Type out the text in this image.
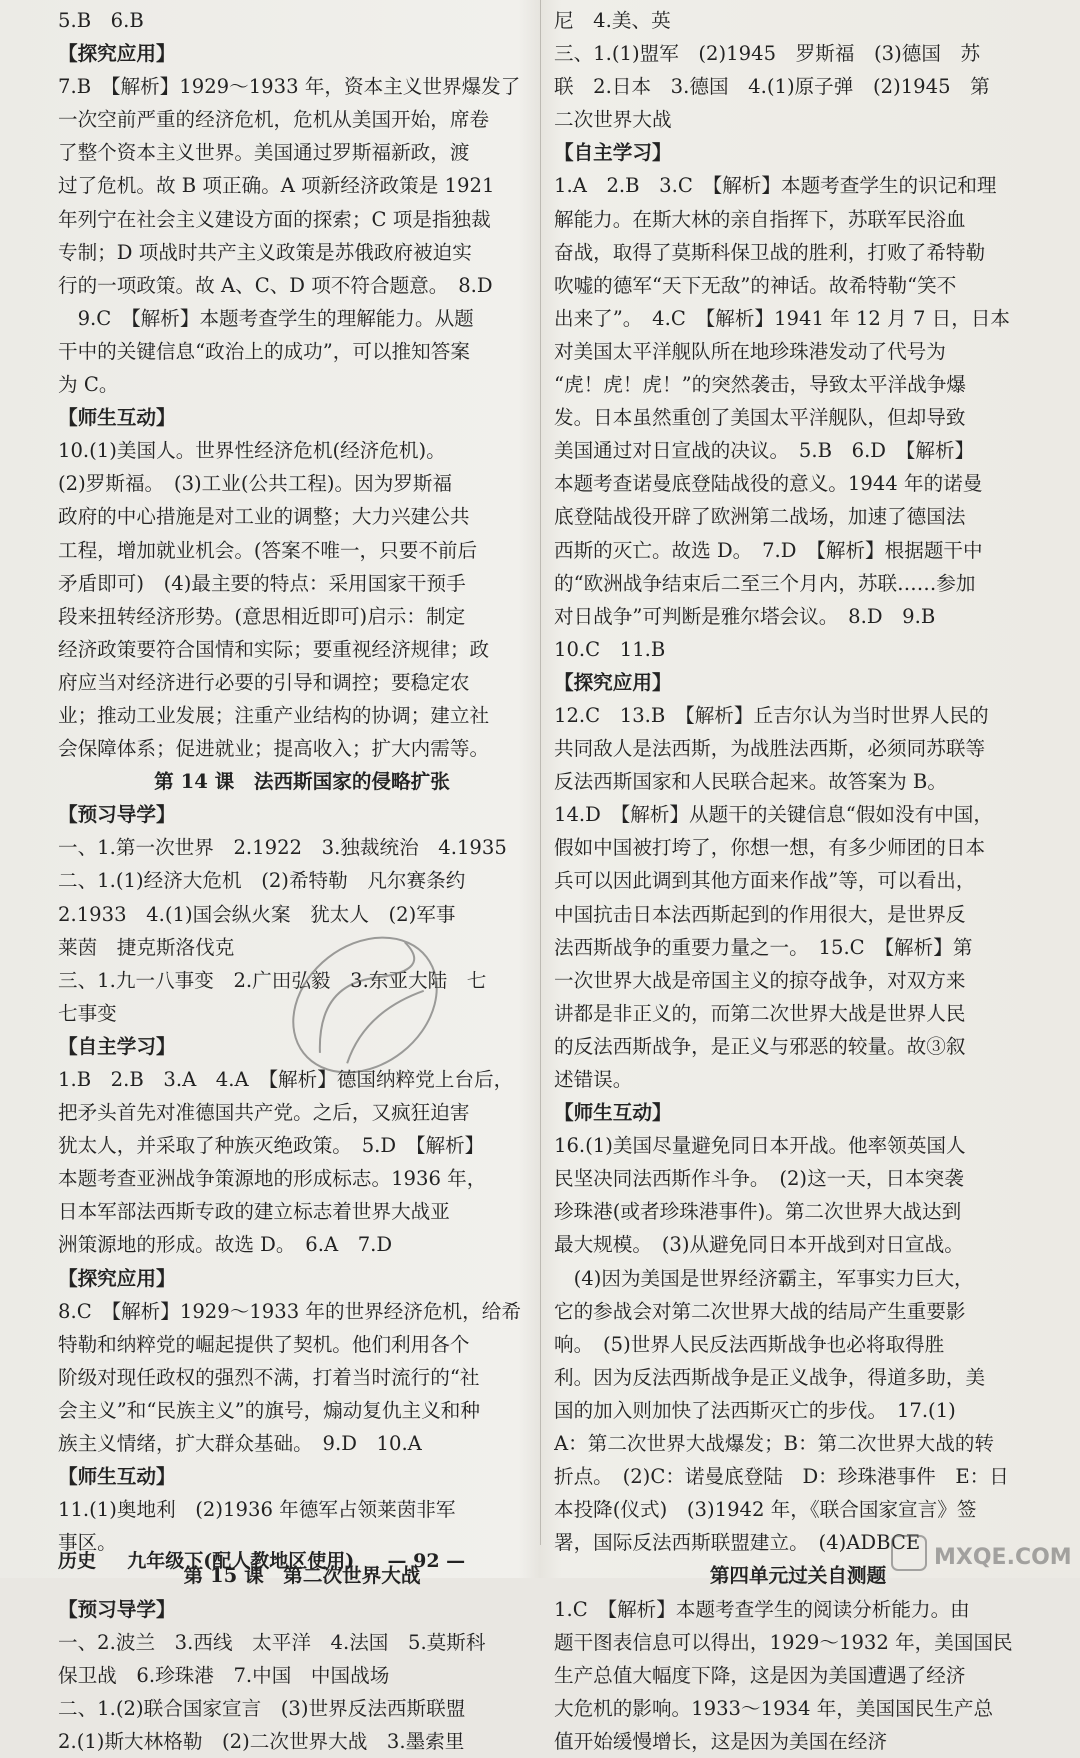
5.B　6.B
【探究应用】
7.B　【解析】1929～1933 年，资本主义世界爆发了
一次空前严重的经济危机，危机从美国开始，席卷
了整个资本主义世界。美国通过罗斯福新政，渡
过了危机。故 B 项正确。A 项新经济政策是 1921
年列宁在社会主义建设方面的探索；C 项是指独裁
专制；D 项战时共产主义政策是苏俄政府被迫实
行的一项政策。故 A、C、D 项不符合题意。　8.D
　9.C　【解析】本题考查学生的理解能力。从题
干中的关键信息“政治上的成功”，可以推知答案
为 C。
【师生互动】
10.(1)美国人。世界性经济危机(经济危机)。
(2)罗斯福。　(3)工业(公共工程)。因为罗斯福
政府的中心措施是对工业的调整；大力兴建公共
工程，增加就业机会。(答案不唯一，只要不前后
矛盾即可)　(4)最主要的特点：采用国家干预手
段来扭转经济形势。(意思相近即可)启示：制定
经济政策要符合国情和实际；要重视经济规律；政
府应当对经济进行必要的引导和调控；要稳定农
业；推动工业发展；注重产业结构的协调；建立社
会保障体系；促进就业；提高收入；扩大内需等。
第 14 课　法西斯国家的侵略扩张
【预习导学】
一、1.第一次世界　2.1922　3.独裁统治　4.1935
二、1.(1)经济大危机　(2)希特勒　凡尔赛条约
2.1933　4.(1)国会纵火案　犹太人　(2)军事
莱茵　捷克斯洛伐克
三、1.九一八事变　2.广田弘毅　3.东亚大陆　七
七事变
【自主学习】
1.B　2.B　3.A　4.A　【解析】德国纳粹党上台后，
把矛头首先对准德国共产党。之后，又疯狂迫害
犹太人，并采取了种族灭绝政策。　5.D　【解析】
本题考查亚洲战争策源地的形成标志。1936 年，
日本军部法西斯专政的建立标志着世界大战亚
洲策源地的形成。故选 D。　6.A　7.D
【探究应用】
8.C　【解析】1929～1933 年的世界经济危机，给希
特勒和纳粹党的崛起提供了契机。他们利用各个
阶级对现任政权的强烈不满，打着当时流行的“社
会主义”和“民族主义”的旗号，煽动复仇主义和种
族主义情绪，扩大群众基础。　9.D　10.A
【师生互动】
11.(1)奥地利　(2)1936 年德军占领莱茵非军
事区。
第 15 课　第二次世界大战
【预习导学】
一、2.波兰　3.西线　太平洋　4.法国　5.莫斯科
保卫战　6.珍珠港　7.中国　中国战场
二、1.(2)联合国家宣言　(3)世界反法西斯联盟
2.(1)斯大林格勒　(2)二次世界大战　3.墨索里
尼　4.美、英
三、1.(1)盟军　(2)1945　罗斯福　(3)德国　苏
联　2.日本　3.德国　4.(1)原子弹　(2)1945　第
二次世界大战
【自主学习】
1.A　2.B　3.C　【解析】本题考查学生的识记和理
解能力。在斯大林的亲自指挥下，苏联军民浴血
奋战，取得了莫斯科保卫战的胜利，打败了希特勒
吹嘘的德军“天下无敌”的神话。故希特勒“笑不
出来了”。　4.C　【解析】1941 年 12 月 7 日，日本
对美国太平洋舰队所在地珍珠港发动了代号为
“虎！虎！虎！”的突然袭击，导致太平洋战争爆
发。日本虽然重创了美国太平洋舰队，但却导致
美国通过对日宣战的决议。　5.B　6.D　【解析】
本题考查诺曼底登陆战役的意义。1944 年的诺曼
底登陆战役开辟了欧洲第二战场，加速了德国法
西斯的灭亡。故选 D。　7.D　【解析】根据题干中
的“欧洲战争结束后二至三个月内，苏联……参加
对日战争”可判断是雅尔塔会议。　8.D　9.B
10.C　11.B
【探究应用】
12.C　13.B　【解析】丘吉尔认为当时世界人民的
共同敌人是法西斯，为战胜法西斯，必须同苏联等
反法西斯国家和人民联合起来。故答案为 B。
14.D　【解析】从题干的关键信息“假如没有中国，
假如中国被打垮了，你想一想，有多少师团的日本
兵可以因此调到其他方面来作战”等，可以看出，
中国抗击日本法西斯起到的作用很大，是世界反
法西斯战争的重要力量之一。　15.C　【解析】第
一次世界大战是帝国主义的掠夺战争，对双方来
讲都是非正义的，而第二次世界大战是世界人民
的反法西斯战争，是正义与邪恶的较量。故③叙
述错误。
【师生互动】
16.(1)美国尽量避免同日本开战。他率领英国人
民坚决同法西斯作斗争。　(2)这一天，日本突袭
珍珠港(或者珍珠港事件)。第二次世界大战达到
最大规模。　(3)从避免同日本开战到对日宣战。
　(4)因为美国是世界经济霸主，军事实力巨大，
它的参战会对第二次世界大战的结局产生重要影
响。　(5)世界人民反法西斯战争也必将取得胜
利。因为反法西斯战争是正义战争，得道多助，美
国的加入则加快了法西斯灭亡的步伐。　17.(1)
A：第二次世界大战爆发；B：第二次世界大战的转
折点。　(2)C：诺曼底登陆　D：珍珠港事件　E：日
本投降(仪式)　(3)1942 年，《联合国家宣言》签
署，国际反法西斯联盟建立。　(4)ADBCE
第四单元过关自测题
1.C　【解析】本题考查学生的阅读分析能力。由
题干图表信息可以得出，1929～1932 年，美国国民
生产总值大幅度下降，这是因为美国遭遇了经济
大危机的影响。1933～1934 年，美国国民生产总
值开始缓慢增长，这是因为美国在经济
历史 九年级下(配人教地区使用) — 92 —	MXQE.COM
